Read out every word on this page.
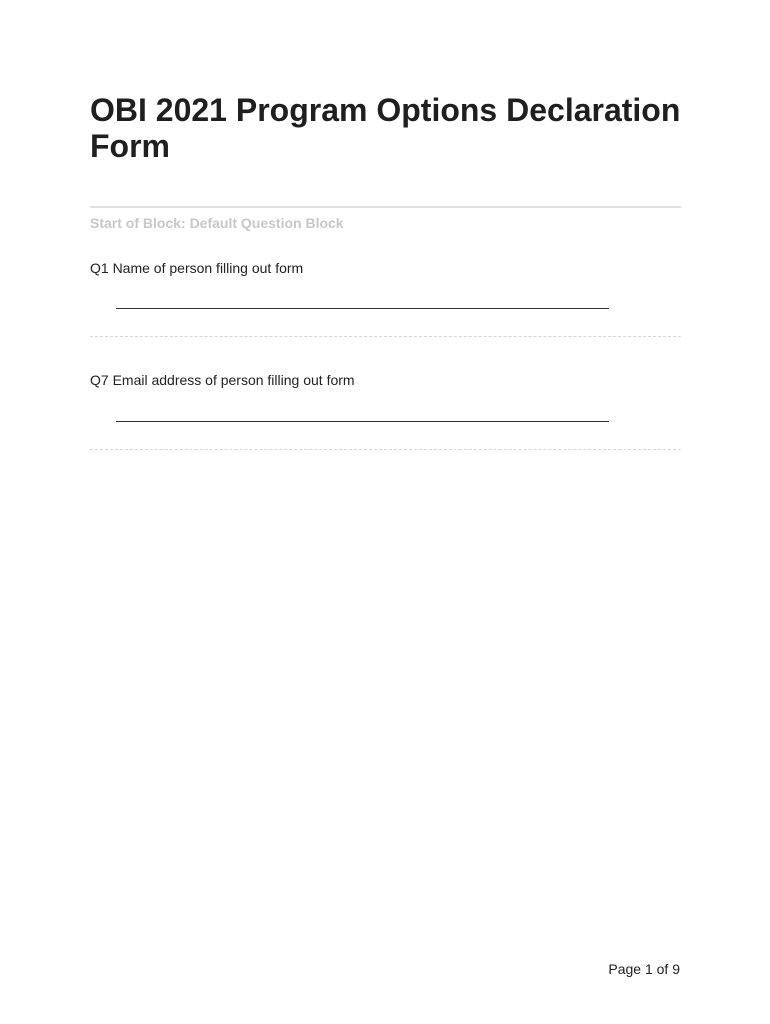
OBI 2021 Program Options Declaration Form
Start of Block: Default Question Block
Q1 Name of person filling out form
Q7 Email address of person filling out form
Page 1 of 9
